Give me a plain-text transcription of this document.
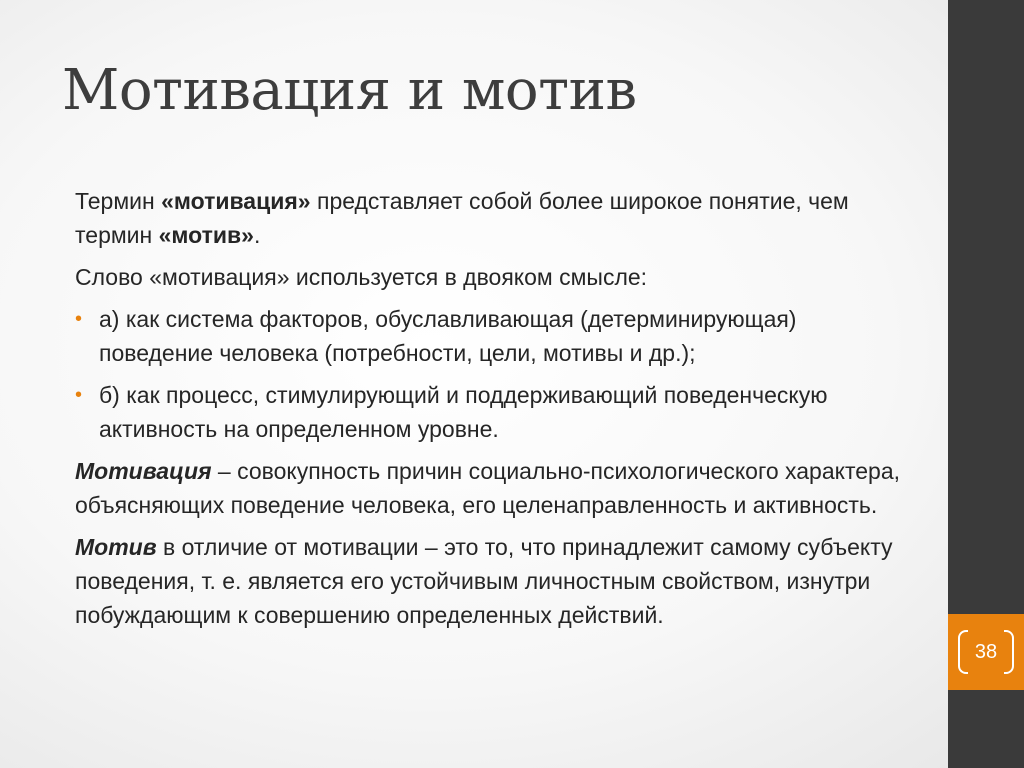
38
Мотивация и мотив

Термин «мотивация» представляет собой более широкое понятие, чем термин «мотив».

Слово «мотивация» используется в двояком смысле:

• а) как система факторов, обуславливающая (детерминирующая) поведение человека (потребности, цели, мотивы и др.);
• б) как процесс, стимулирующий и поддерживающий поведенческую активность на определенном уровне.

Мотивация – совокупность причин социально-психологического характера, объясняющих поведение человека, его целенаправленность и активность.

Мотив в отличие от мотивации – это то, что принадлежит самому субъекту поведения, т. е. является его устойчивым личностным свойством, изнутри побуждающим к совершению определенных действий.
